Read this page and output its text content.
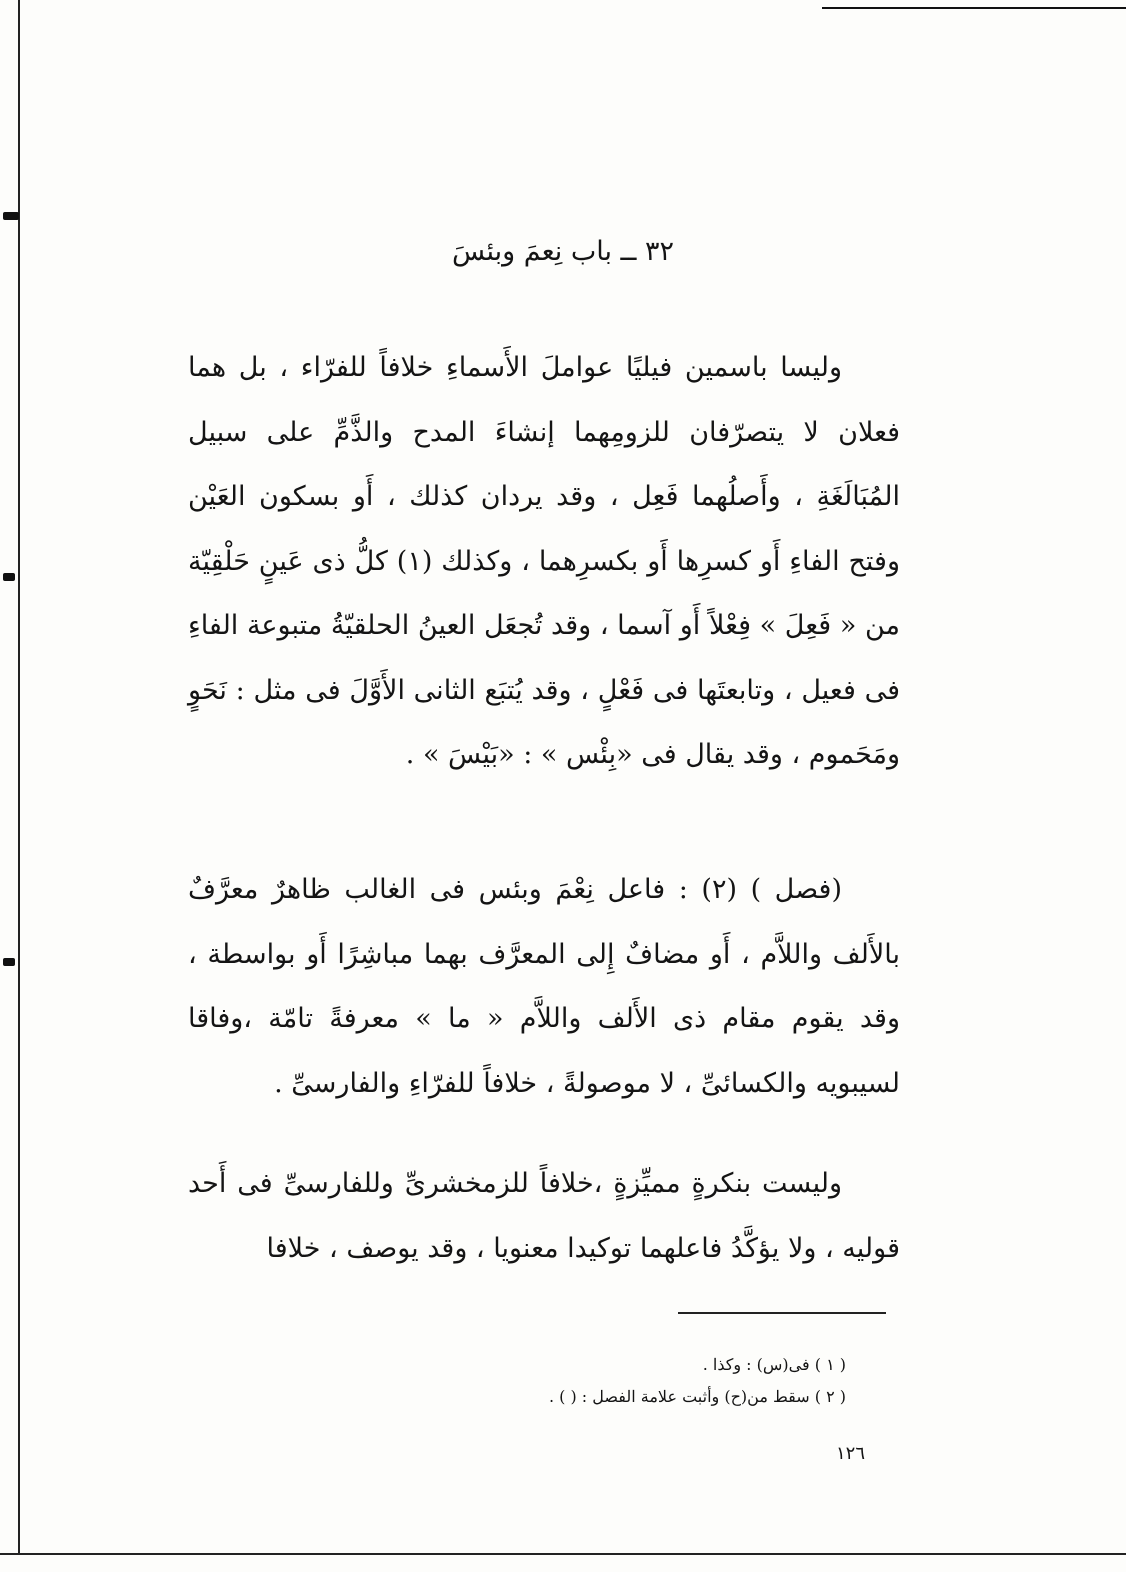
٣٢ ــ باب نِعمَ وبئسَ

وليسا باسمين فيليًا عواملَ الأَسماءِ خلافاً للفرّاء ، بل هما فعلان لا يتصرّفان للزومِهما إنشاءَ المدح والذَّمِّ على سبيل المُبَالَغَةِ ، وأَصلُهما فَعِل ، وقد يردان كذلك ، أَو بسكون العَيْن وفتح الفاءِ أَو كسرِها أَو بكسرِهما ، وكذلك (١) كلُّ ذى عَينٍ حَلْقِيّة من « فَعِلَ » فِعْلاً أَو آسما ، وقد تُجعَل العينُ الحلقيّةُ متبوعة الفاءِ فى فعيل ، وتابعتَها فى فَعْلٍ ، وقد يُتبَع الثانى الأَوَّلَ فى مثل : نَحَوٍ ومَحَموم ، وقد يقال فى «بِئْس » : «بَيْسَ » .

(فصل ) (٢) : فاعل نِعْمَ وبئس فى الغالب ظاهرٌ معرَّفٌ بالأَلف واللاَّم ، أَو مضافٌ إِلى المعرَّف بهما مباشِرًا أَو بواسطة ، وقد يقوم مقام ذى الأَلف واللاَّم « ما » معرفةً تامّة ،وفاقا لسيبويه والكسائىِّ ، لا موصولةً ، خلافاً للفرّاءِ والفارسىِّ .

وليست بنكرةٍ مميِّزةٍ ،خلافاً للزمخشرىِّ وللفارسىِّ فى أَحد قوليه ، ولا يؤكَّدُ فاعلهما توكيدا معنويا ، وقد يوصف ، خلافا

( ١ ) فى(س) : وكذا .
( ٢ ) سقط من(ح) وأثبت علامة الفصل : ( ) .
١٢٦
